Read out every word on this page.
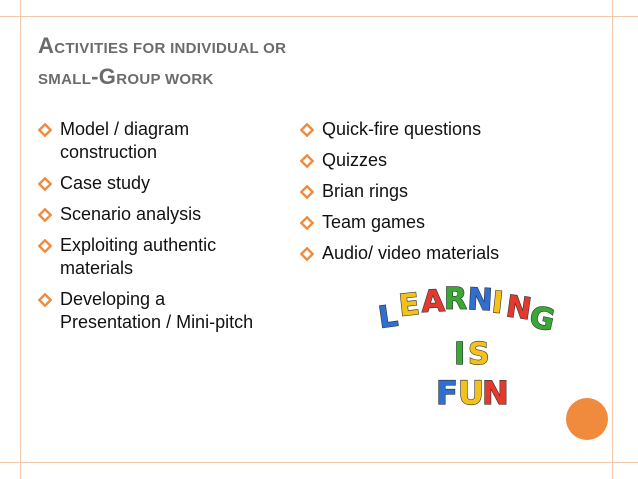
ACTIVITIES FOR INDIVIDUAL OR
SMALL-GROUP WORK
Model / diagram construction
Case study
Scenario analysis
Exploiting authentic materials
Developing a Presentation / Mini-pitch
Quick-fire questions
Quizzes
Brian rings
Team games
Audio/ video materials
L
E A
R N
I
N
G
I S
F U
N
